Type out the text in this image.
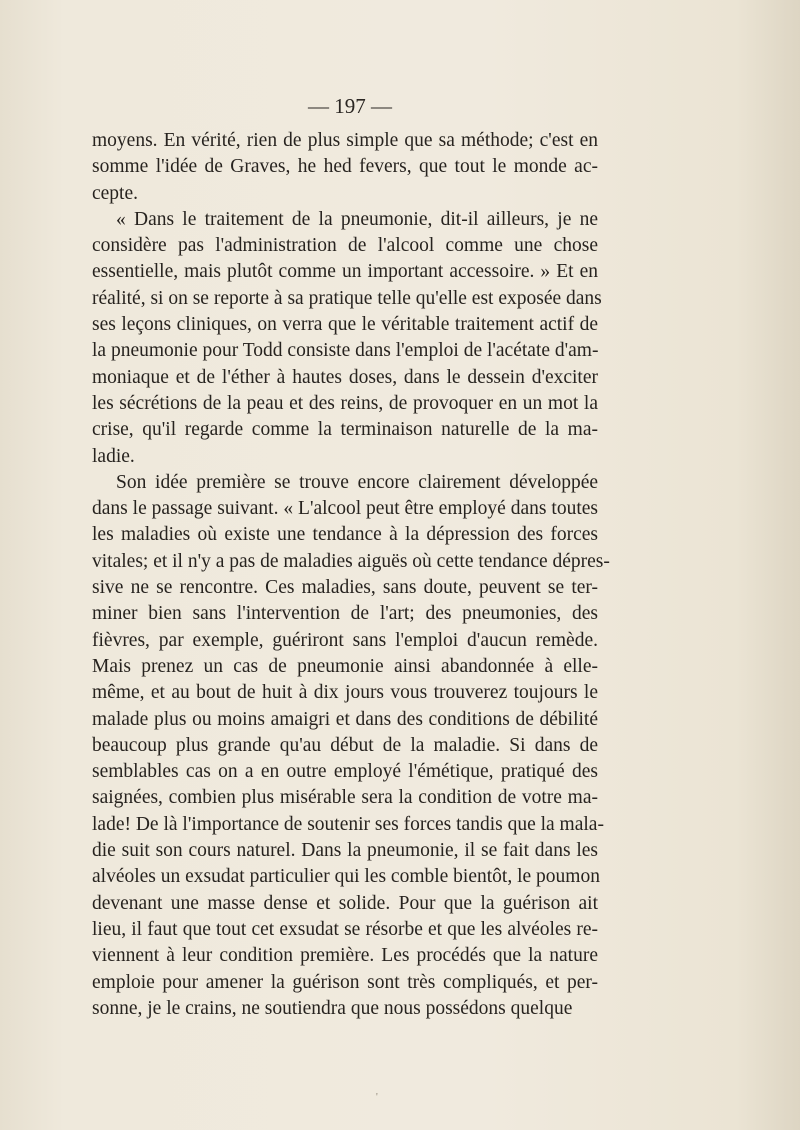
— 197 —
moyens. En vérité, rien de plus simple que sa méthode; c'est en
somme l'idée de Graves, he hed fevers, que tout le monde ac-
cepte.
« Dans le traitement de la pneumonie, dit-il ailleurs, je ne
considère pas l'administration de l'alcool comme une chose
essentielle, mais plutôt comme un important accessoire. » Et en
réalité, si on se reporte à sa pratique telle qu'elle est exposée dans
ses leçons cliniques, on verra que le véritable traitement actif de
la pneumonie pour Todd consiste dans l'emploi de l'acétate d'am-
moniaque et de l'éther à hautes doses, dans le dessein d'exciter
les sécrétions de la peau et des reins, de provoquer en un mot la
crise, qu'il regarde comme la terminaison naturelle de la ma-
ladie.
Son idée première se trouve encore clairement développée
dans le passage suivant. « L'alcool peut être employé dans toutes
les maladies où existe une tendance à la dépression des forces
vitales; et il n'y a pas de maladies aiguës où cette tendance dépres-
sive ne se rencontre. Ces maladies, sans doute, peuvent se ter-
miner bien sans l'intervention de l'art; des pneumonies, des
fièvres, par exemple, guériront sans l'emploi d'aucun remède.
Mais prenez un cas de pneumonie ainsi abandonnée à elle-
même, et au bout de huit à dix jours vous trouverez toujours le
malade plus ou moins amaigri et dans des conditions de débilité
beaucoup plus grande qu'au début de la maladie. Si dans de
semblables cas on a en outre employé l'émétique, pratiqué des
saignées, combien plus misérable sera la condition de votre ma-
lade! De là l'importance de soutenir ses forces tandis que la mala-
die suit son cours naturel. Dans la pneumonie, il se fait dans les
alvéoles un exsudat particulier qui les comble bientôt, le poumon
devenant une masse dense et solide. Pour que la guérison ait
lieu, il faut que tout cet exsudat se résorbe et que les alvéoles re-
viennent à leur condition première. Les procédés que la nature
emploie pour amener la guérison sont très compliqués, et per-
sonne, je le crains, ne soutiendra que nous possédons quelque
'
